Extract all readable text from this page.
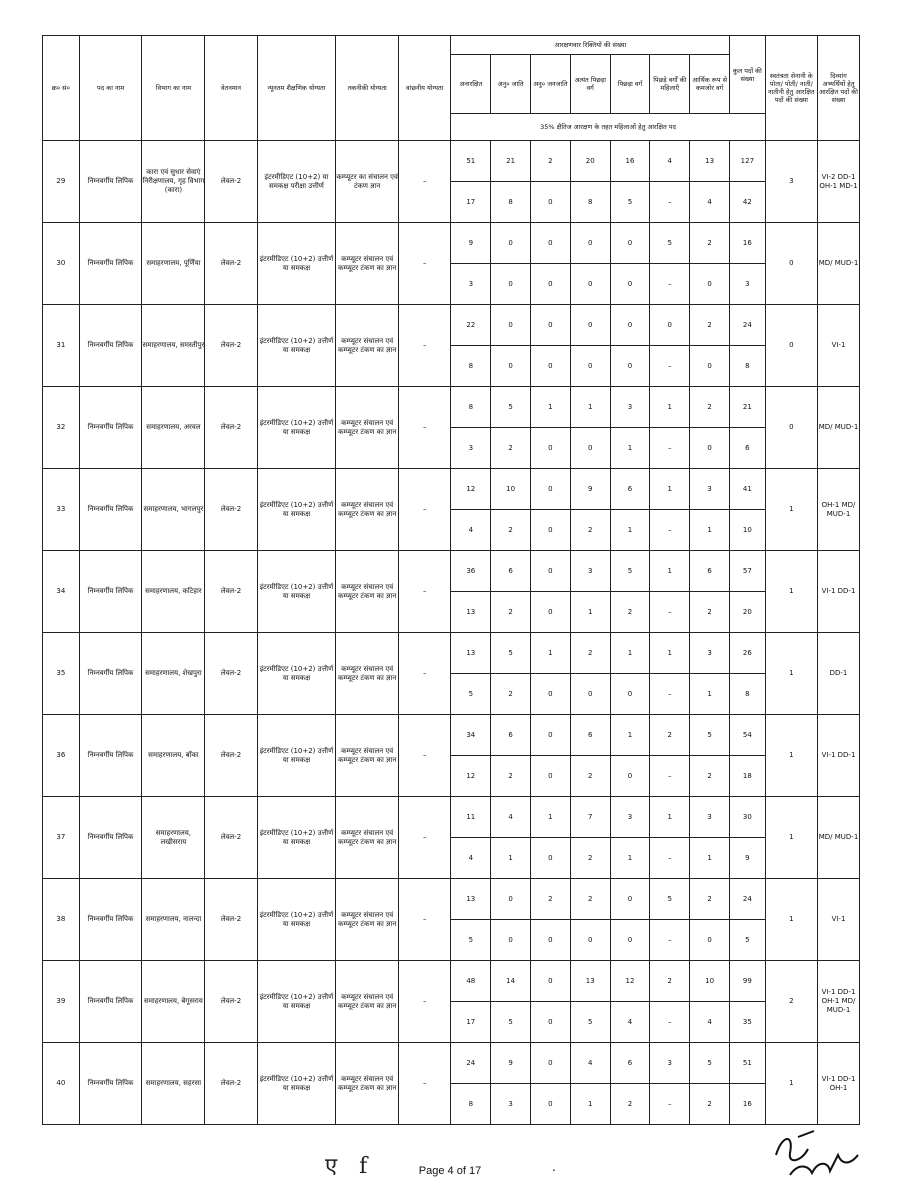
क्र० सं०	पद का नाम	विभाग का नाम	वेतनमान	न्यूनतम शैक्षणिक योग्यता	तकनीकी योग्यता	वांछनीय योग्यता	आरक्षणवार रिक्तियों की संख्या							कुल पदों की संख्या	स्वतंत्रता सेनानी के पोता/ पोती/ नाती/ नातीनी हेतु आरक्षित पदों की संख्या	दिव्यांग अभ्यर्थियों हेतु आरक्षित पदों की संख्या
							अनारक्षित	अनु० जाति	अनु० जनजाति	अत्यंत पिछड़ा वर्ग	पिछड़ा वर्ग	पिछड़े वर्गों की महिलाएँ	आर्थिक रूप से कमजोर वर्ग			
							35% क्षैतिज आरक्षण के तहत महिलाओं हेतु आरक्षित पद									
29	निम्नवर्गीय लिपिक	कारा एवं सुधार सेवाएं निरीक्षणालय, गृह विभाग (कारा)	लेवल-2	इंटरमीडिएट (10+2) या समकक्ष परीक्षा उत्तीर्ण	कम्प्यूटर का संचालन एवं टंकण ज्ञान	–	51	21	2	20	16	4	13	127	3	VI-2 DD-1 OH-1 MD-1
							17	8	0	8	5	–	4	42		
30	निम्नवर्गीय लिपिक	समाहरणालय, पूर्णिया	लेवल-2	इंटरमीडिएट (10+2) उत्तीर्ण या समकक्ष	कम्प्यूटर संचालन एवं कम्प्यूटर टंकण का ज्ञान	–	9	0	0	0	0	5	2	16	0	MD/ MUD-1
							3	0	0	0	0	–	0	3		
31	निम्नवर्गीय लिपिक	समाहरणालय, समस्तीपुर	लेवल-2	इंटरमीडिएट (10+2) उत्तीर्ण या समकक्ष	कम्प्यूटर संचालन एवं कम्प्यूटर टंकण का ज्ञान	–	22	0	0	0	0	0	2	24	0	VI-1
							8	0	0	0	0	–	0	8		
32	निम्नवर्गीय लिपिक	समाहरणालय, अरवल	लेवल-2	इंटरमीडिएट (10+2) उत्तीर्ण या समकक्ष	कम्प्यूटर संचालन एवं कम्प्यूटर टंकण का ज्ञान	–	8	5	1	1	3	1	2	21	0	MD/ MUD-1
							3	2	0	0	1	–	0	6		
33	निम्नवर्गीय लिपिक	समाहरणालय, भागलपुर	लेवल-2	इंटरमीडिएट (10+2) उत्तीर्ण या समकक्ष	कम्प्यूटर संचालन एवं कम्प्यूटर टंकण का ज्ञान	–	12	10	0	9	6	1	3	41	1	OH-1 MD/ MUD-1
							4	2	0	2	1	–	1	10		
34	निम्नवर्गीय लिपिक	समाहरणालय, कटिहार	लेवल-2	इंटरमीडिएट (10+2) उत्तीर्ण या समकक्ष	कम्प्यूटर संचालन एवं कम्प्यूटर टंकण का ज्ञान	–	36	6	0	3	5	1	6	57	1	VI-1 DD-1
							13	2	0	1	2	–	2	20		
35	निम्नवर्गीय लिपिक	समाहरणालय, शेखपुरा	लेवल-2	इंटरमीडिएट (10+2) उत्तीर्ण या समकक्ष	कम्प्यूटर संचालन एवं कम्प्यूटर टंकण का ज्ञान	–	13	5	1	2	1	1	3	26	1	DD-1
							5	2	0	0	0	–	1	8		
36	निम्नवर्गीय लिपिक	समाहरणालय, बाँका	लेवल-2	इंटरमीडिएट (10+2) उत्तीर्ण या समकक्ष	कम्प्यूटर संचालन एवं कम्प्यूटर टंकण का ज्ञान	–	34	6	0	6	1	2	5	54	1	VI-1 DD-1
							12	2	0	2	0	–	2	18		
37	निम्नवर्गीय लिपिक	समाहरणालय, लखीसराय	लेवल-2	इंटरमीडिएट (10+2) उत्तीर्ण या समकक्ष	कम्प्यूटर संचालन एवं कम्प्यूटर टंकण का ज्ञान	–	11	4	1	7	3	1	3	30	1	MD/ MUD-1
							4	1	0	2	1	–	1	9		
38	निम्नवर्गीय लिपिक	समाहरणालय, नालन्दा	लेवल-2	इंटरमीडिएट (10+2) उत्तीर्ण या समकक्ष	कम्प्यूटर संचालन एवं कम्प्यूटर टंकण का ज्ञान	–	13	0	2	2	0	5	2	24	1	VI-1
							5	0	0	0	0	–	0	5		
39	निम्नवर्गीय लिपिक	समाहरणालय, बेगूसराय	लेवल-2	इंटरमीडिएट (10+2) उत्तीर्ण या समकक्ष	कम्प्यूटर संचालन एवं कम्प्यूटर टंकण का ज्ञान	–	48	14	0	13	12	2	10	99	2	VI-1 DD-1 OH-1 MD/ MUD-1
							17	5	0	5	4	–	4	35		
40	निम्नवर्गीय लिपिक	समाहरणालय, सहरसा	लेवल-2	इंटरमीडिएट (10+2) उत्तीर्ण या समकक्ष	कम्प्यूटर संचालन एवं कम्प्यूटर टंकण का ज्ञान	–	24	9	0	4	6	3	5	51	1	VI-1 DD-1 OH-1
							8	3	0	1	2	–	2	16		
ए f	Page 4 of 17	.
